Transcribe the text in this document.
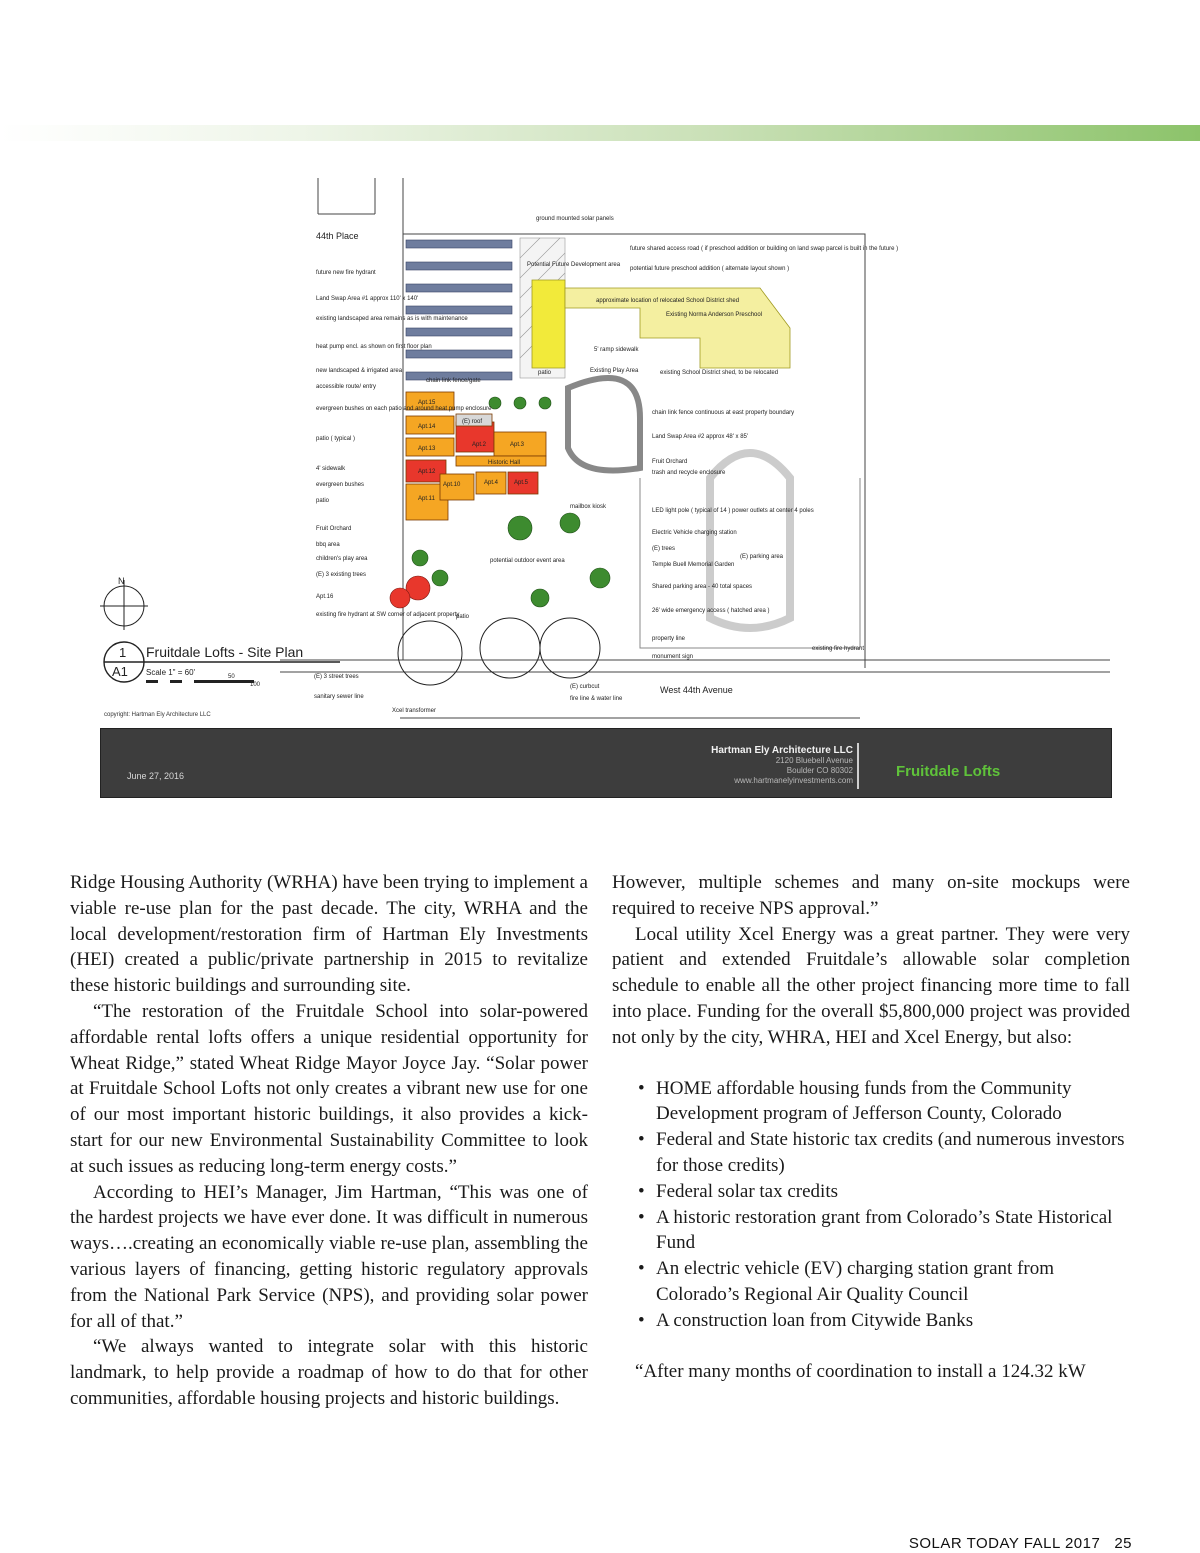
44th Place
West 44th Avenue
N
1
A1
Fruitdale Lofts - Site Plan
Scale 1" = 60'	50
100
future new fire hydrant
Land Swap Area #1 approx 110' x 140'
existing landscaped area remains as is with maintenance
heat pump encl. as shown on first floor plan
new landscaped & irrigated area
accessible route/ entry
evergreen bushes on each patio and around heat pump enclosure
patio ( typical )
4' sidewalk
evergreen bushes
patio
Fruit Orchard
bbq area
children's play area
(E) 3 existing trees
Apt.16
existing fire hydrant at SW corner of adjacent property
ground mounted solar panels
Potential Future Development area
future shared access road ( if preschool addition or building on land swap parcel is built in the future )
potential future preschool addition ( alternate layout shown )
approximate location of relocated School District shed
Existing Norma Anderson Preschool
5' ramp sidewalk
chain link fence/gate
patio	Existing Play Area	existing School District shed, to be relocated
chain link fence continuous at east property boundary
Land Swap Area #2 approx 48' x 85'
Fruit Orchard
trash and recycle enclosure
LED light pole ( typical of 14 ) power outlets at center 4 poles
Electric Vehicle charging station
(E) trees
(E) parking area
Temple Buell Memorial Garden
Shared parking area - 40 total spaces
26' wide emergency access ( hatched area )
property line
monument sign
existing fire hydrant
(E) 3 street trees
sanitary sewer line
Xcel transformer
(E) curbcut
fire line & water line
Apt.15
Apt.14
Apt.13
Apt.12
Apt.11
Apt.10
Apt.2	Apt.3
Apt.4	Apt.5
Historic Hall
(E) roof
mailbox kiosk
potential outdoor event area
patio
copyright: Hartman Ely Architecture LLC
June 27, 2016
Hartman Ely Architecture LLC
2120 Bluebell Avenue
Boulder CO 80302
www.hartmanelyinvestments.com
Fruitdale Lofts

Ridge Housing Authority (WRHA) have been trying to implement a viable re-use plan for the past decade. The city, WRHA and the local development/restoration firm of Hartman Ely Investments (HEI) created a public/private partnership in 2015 to revitalize these historic buildings and surrounding site.

“The restoration of the Fruitdale School into solar-powered affordable rental lofts offers a unique residential opportunity for Wheat Ridge,” stated Wheat Ridge Mayor Joyce Jay. “Solar power at Fruitdale School Lofts not only creates a vibrant new use for one of our most important historic buildings, it also provides a kick-start for our new Environmental Sustainability Committee to look at such issues as reducing long-term energy costs.”

According to HEI’s Manager, Jim Hartman, “This was one of the hardest projects we have ever done. It was difficult in numerous ways….creating an economically viable re-use plan, assembling the various layers of financing, getting historic regulatory approvals from the National Park Service (NPS), and providing solar power for all of that.”

“We always wanted to integrate solar with this historic landmark, to help provide a roadmap of how to do that for other communities, affordable housing projects and historic buildings.

However, multiple schemes and many on-site mockups were required to receive NPS approval.”

Local utility Xcel Energy was a great partner. They were very patient and extended Fruitdale’s allowable solar completion schedule to enable all the other project financing more time to fall into place. Funding for the overall $5,800,000 project was provided not only by the city, WHRA, HEI and Xcel Energy, but also:

• HOME affordable housing funds from the Community Development program of Jefferson County, Colorado
• Federal and State historic tax credits (and numerous investors for those credits)
• Federal solar tax credits
• A historic restoration grant from Colorado’s State Historical Fund
• An electric vehicle (EV) charging station grant from Colorado’s Regional Air Quality Council
• A construction loan from Citywide Banks

“After many months of coordination to install a 124.32 kW

SOLAR TODAY FALL 2017 25
